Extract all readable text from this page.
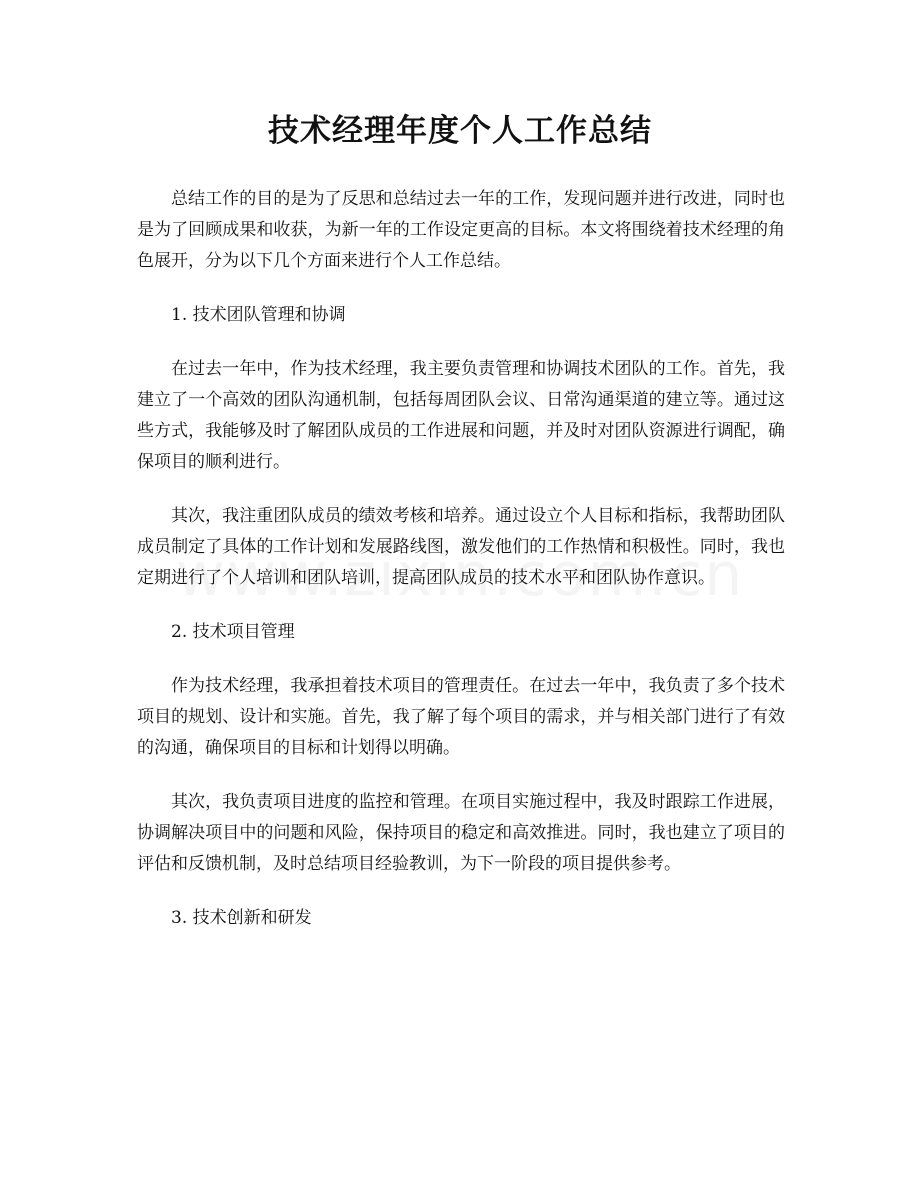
技术经理年度个人工作总结

总结工作的目的是为了反思和总结过去一年的工作，发现问题并进行改进，同时也是为了回顾成果和收获，为新一年的工作设定更高的目标。本文将围绕着技术经理的角色展开，分为以下几个方面来进行个人工作总结。

1. 技术团队管理和协调

在过去一年中，作为技术经理，我主要负责管理和协调技术团队的工作。首先，我建立了一个高效的团队沟通机制，包括每周团队会议、日常沟通渠道的建立等。通过这些方式，我能够及时了解团队成员的工作进展和问题，并及时对团队资源进行调配，确保项目的顺利进行。

其次，我注重团队成员的绩效考核和培养。通过设立个人目标和指标，我帮助团队成员制定了具体的工作计划和发展路线图，激发他们的工作热情和积极性。同时，我也定期进行了个人培训和团队培训，提高团队成员的技术水平和团队协作意识。

2. 技术项目管理

作为技术经理，我承担着技术项目的管理责任。在过去一年中，我负责了多个技术项目的规划、设计和实施。首先，我了解了每个项目的需求，并与相关部门进行了有效的沟通，确保项目的目标和计划得以明确。

其次，我负责项目进度的监控和管理。在项目实施过程中，我及时跟踪工作进展，协调解决项目中的问题和风险，保持项目的稳定和高效推进。同时，我也建立了项目的评估和反馈机制，及时总结项目经验教训，为下一阶段的项目提供参考。

3. 技术创新和研发
